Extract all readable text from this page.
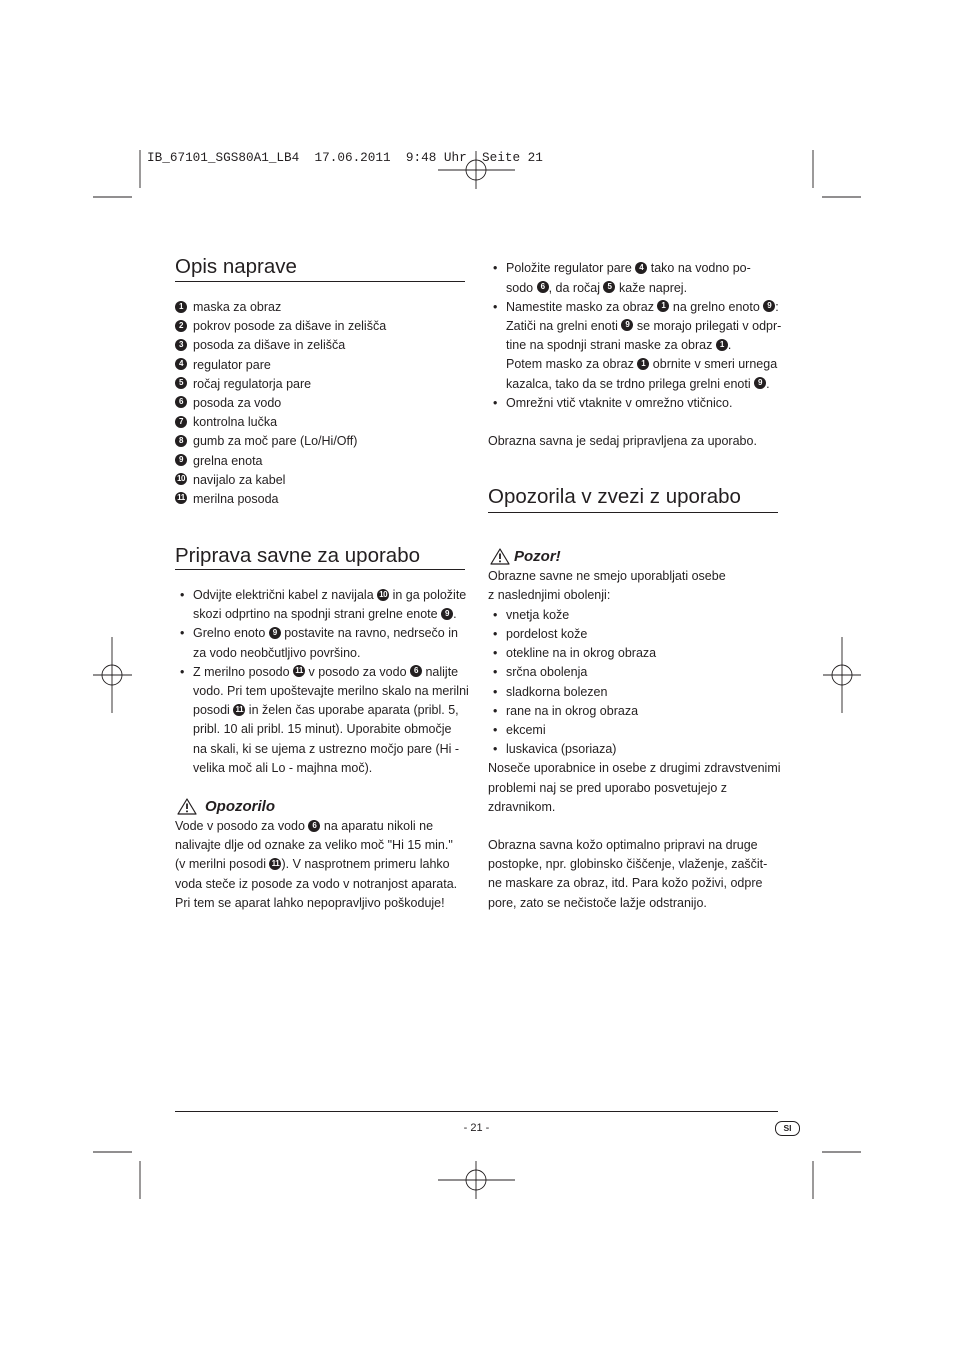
IB_67101_SGS80A1_LB4  17.06.2011  9:48 Uhr  Seite 21
Opis naprave
maska za obraz
pokrov posode za dišave in zelišča
posoda za dišave in zelišča
regulator pare
ročaj regulatorja pare
posoda za vodo
kontrolna lučka
gumb za moč pare (Lo/Hi/Off)
grelna enota
navijalo za kabel
merilna posoda
Priprava savne za uporabo
• Odvijte električni kabel z navijala  in ga položite
skozi odprtino na spodnji strani grelne enote .
• Grelno enoto  postavite na ravno, nedrsečo in
za vodo neobčutljivo površino.
• Z merilno posodo  v posodo za vodo  nalijte
vodo. Pri tem upoštevajte merilno skalo na merilni
posodi  in želen čas uporabe aparata (pribl. 5,
pribl. 10 ali pribl. 15 minut). Uporabite območje
na skali, ki se ujema z ustrezno močjo pare (Hi -
velika moč ali Lo - majhna moč).
Opozorilo
Vode v posodo za vodo  na aparatu nikoli ne
nalivajte dlje od oznake za veliko moč "Hi 15 min."
(v merilni posodi ). V nasprotnem primeru lahko
voda steče iz posode za vodo v notranjost aparata.
Pri tem se aparat lahko nepopravljivo poškoduje!
• Položite regulator pare  tako na vodno po-
sodo , da ročaj  kaže naprej.
• Namestite masko za obraz  na grelno enoto :
Zatiči na grelni enoti  se morajo prilegati v odpr-
tine na spodnji strani maske za obraz .
Potem masko za obraz  obrnite v smeri urnega
kazalca, tako da se trdno prilega grelni enoti .
• Omrežni vtič vtaknite v omrežno vtičnico.
Obrazna savna je sedaj pripravljena za uporabo.
Opozorila v zvezi z uporabo
Pozor!
Obrazne savne ne smejo uporabljati osebe
z naslednjimi obolenji:
• vnetja kože
• pordelost kože
• otekline na in okrog obraza
• srčna obolenja
• sladkorna bolezen
• rane na in okrog obraza
• ekcemi
• luskavica (psoriaza)
Noseče uporabnice in osebe z drugimi zdravstvenimi
problemi naj se pred uporabo posvetujejo z
zdravnikom.
Obrazna savna kožo optimalno pripravi na druge
postopke, npr. globinsko čiščenje, vlaženje, zaščit-
ne maskare za obraz, itd. Para kožo poživi, odpre
pore, zato se nečistoče lažje odstranijo.
- 21 -	SI
